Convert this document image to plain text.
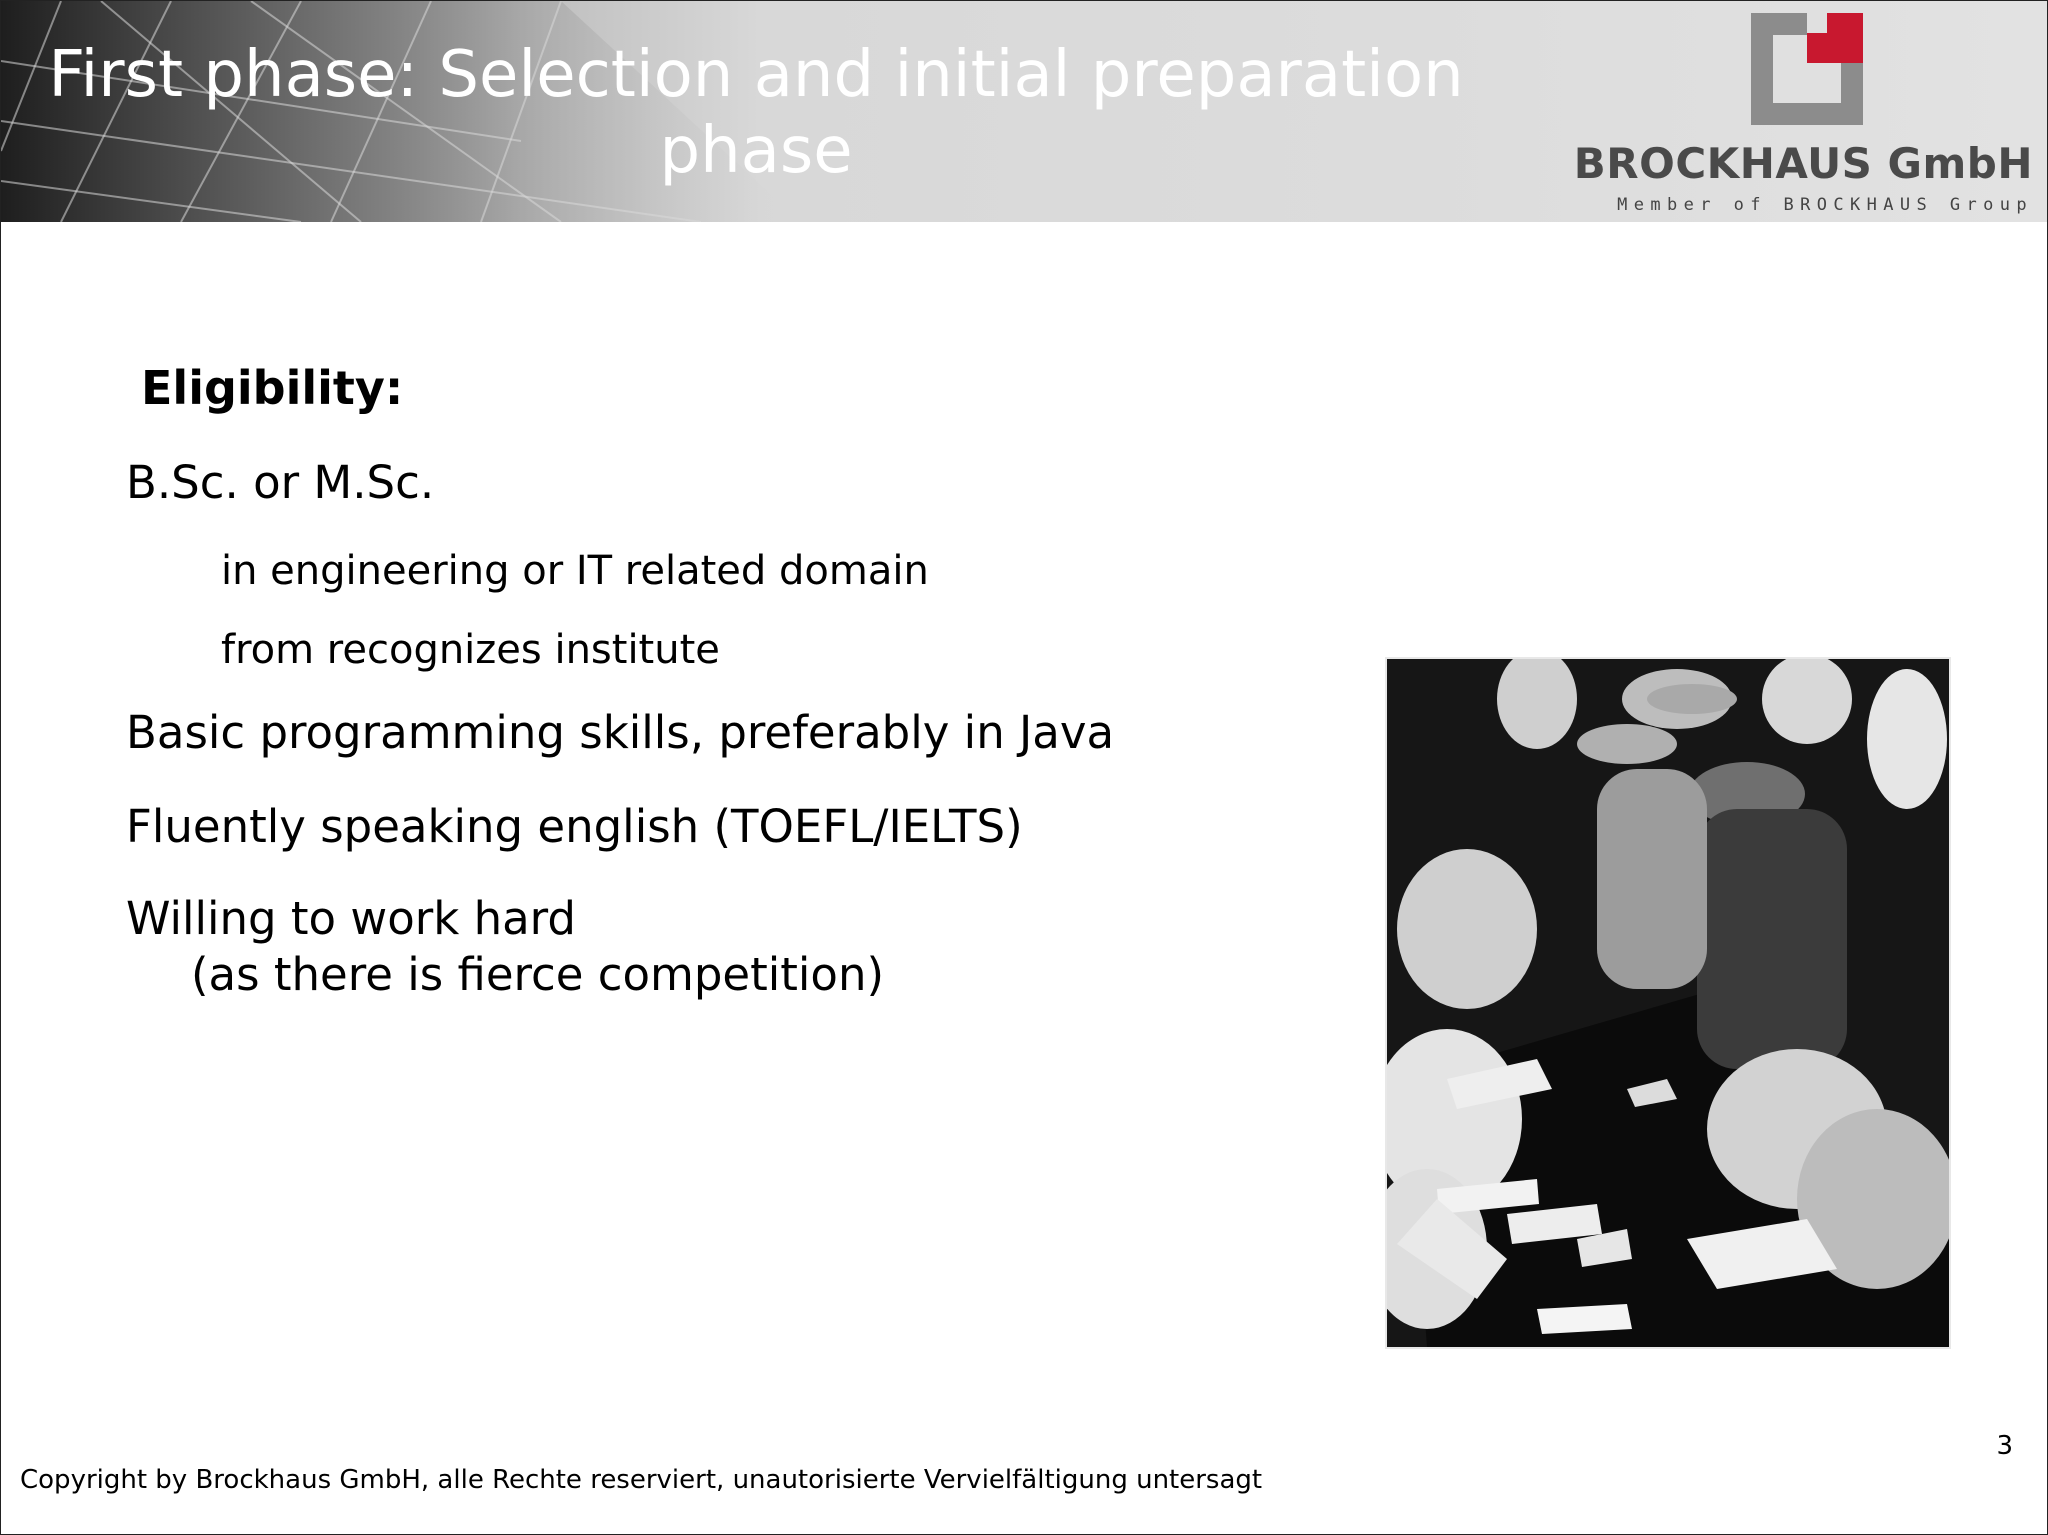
First phase: Selection and initial preparation
phase	BROCKHAUS GmbH
Member of BROCKHAUS Group
Eligibility:
B.Sc. or M.Sc.
in engineering or IT related domain
from recognizes institute
Basic programming skills, preferably in Java
Fluently speaking english (TOEFL/IELTS)
Willing to work hard
(as there is fierce competition)
Copyright by Brockhaus GmbH, alle Rechte reserviert, unautorisierte Vervielfältigung untersagt
3
